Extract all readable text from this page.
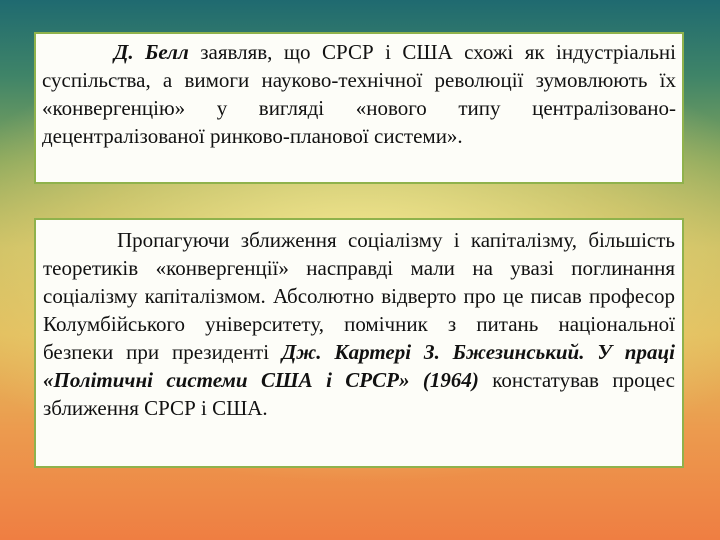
Д. Белл заявляв, що СРСР і США схожі як індустріальні суспільства, а вимоги науково-технічної революції зумовлюють їх «конвергенцію» у вигляді «нового типу централізовано-децентралізованої ринково-планової системи».

Пропагуючи зближення соціалізму і капіталізму, більшість теоретиків «конвергенції» насправді мали на увазі поглинання соціалізму капіталізмом. Абсолютно відверто про це писав професор Колумбійського університету, помічник з питань національної безпеки при президенті Дж. Картері З. Бжезинський. У праці «Політичні системи США і СРСР» (1964) констатував процес зближення СРСР і США.
